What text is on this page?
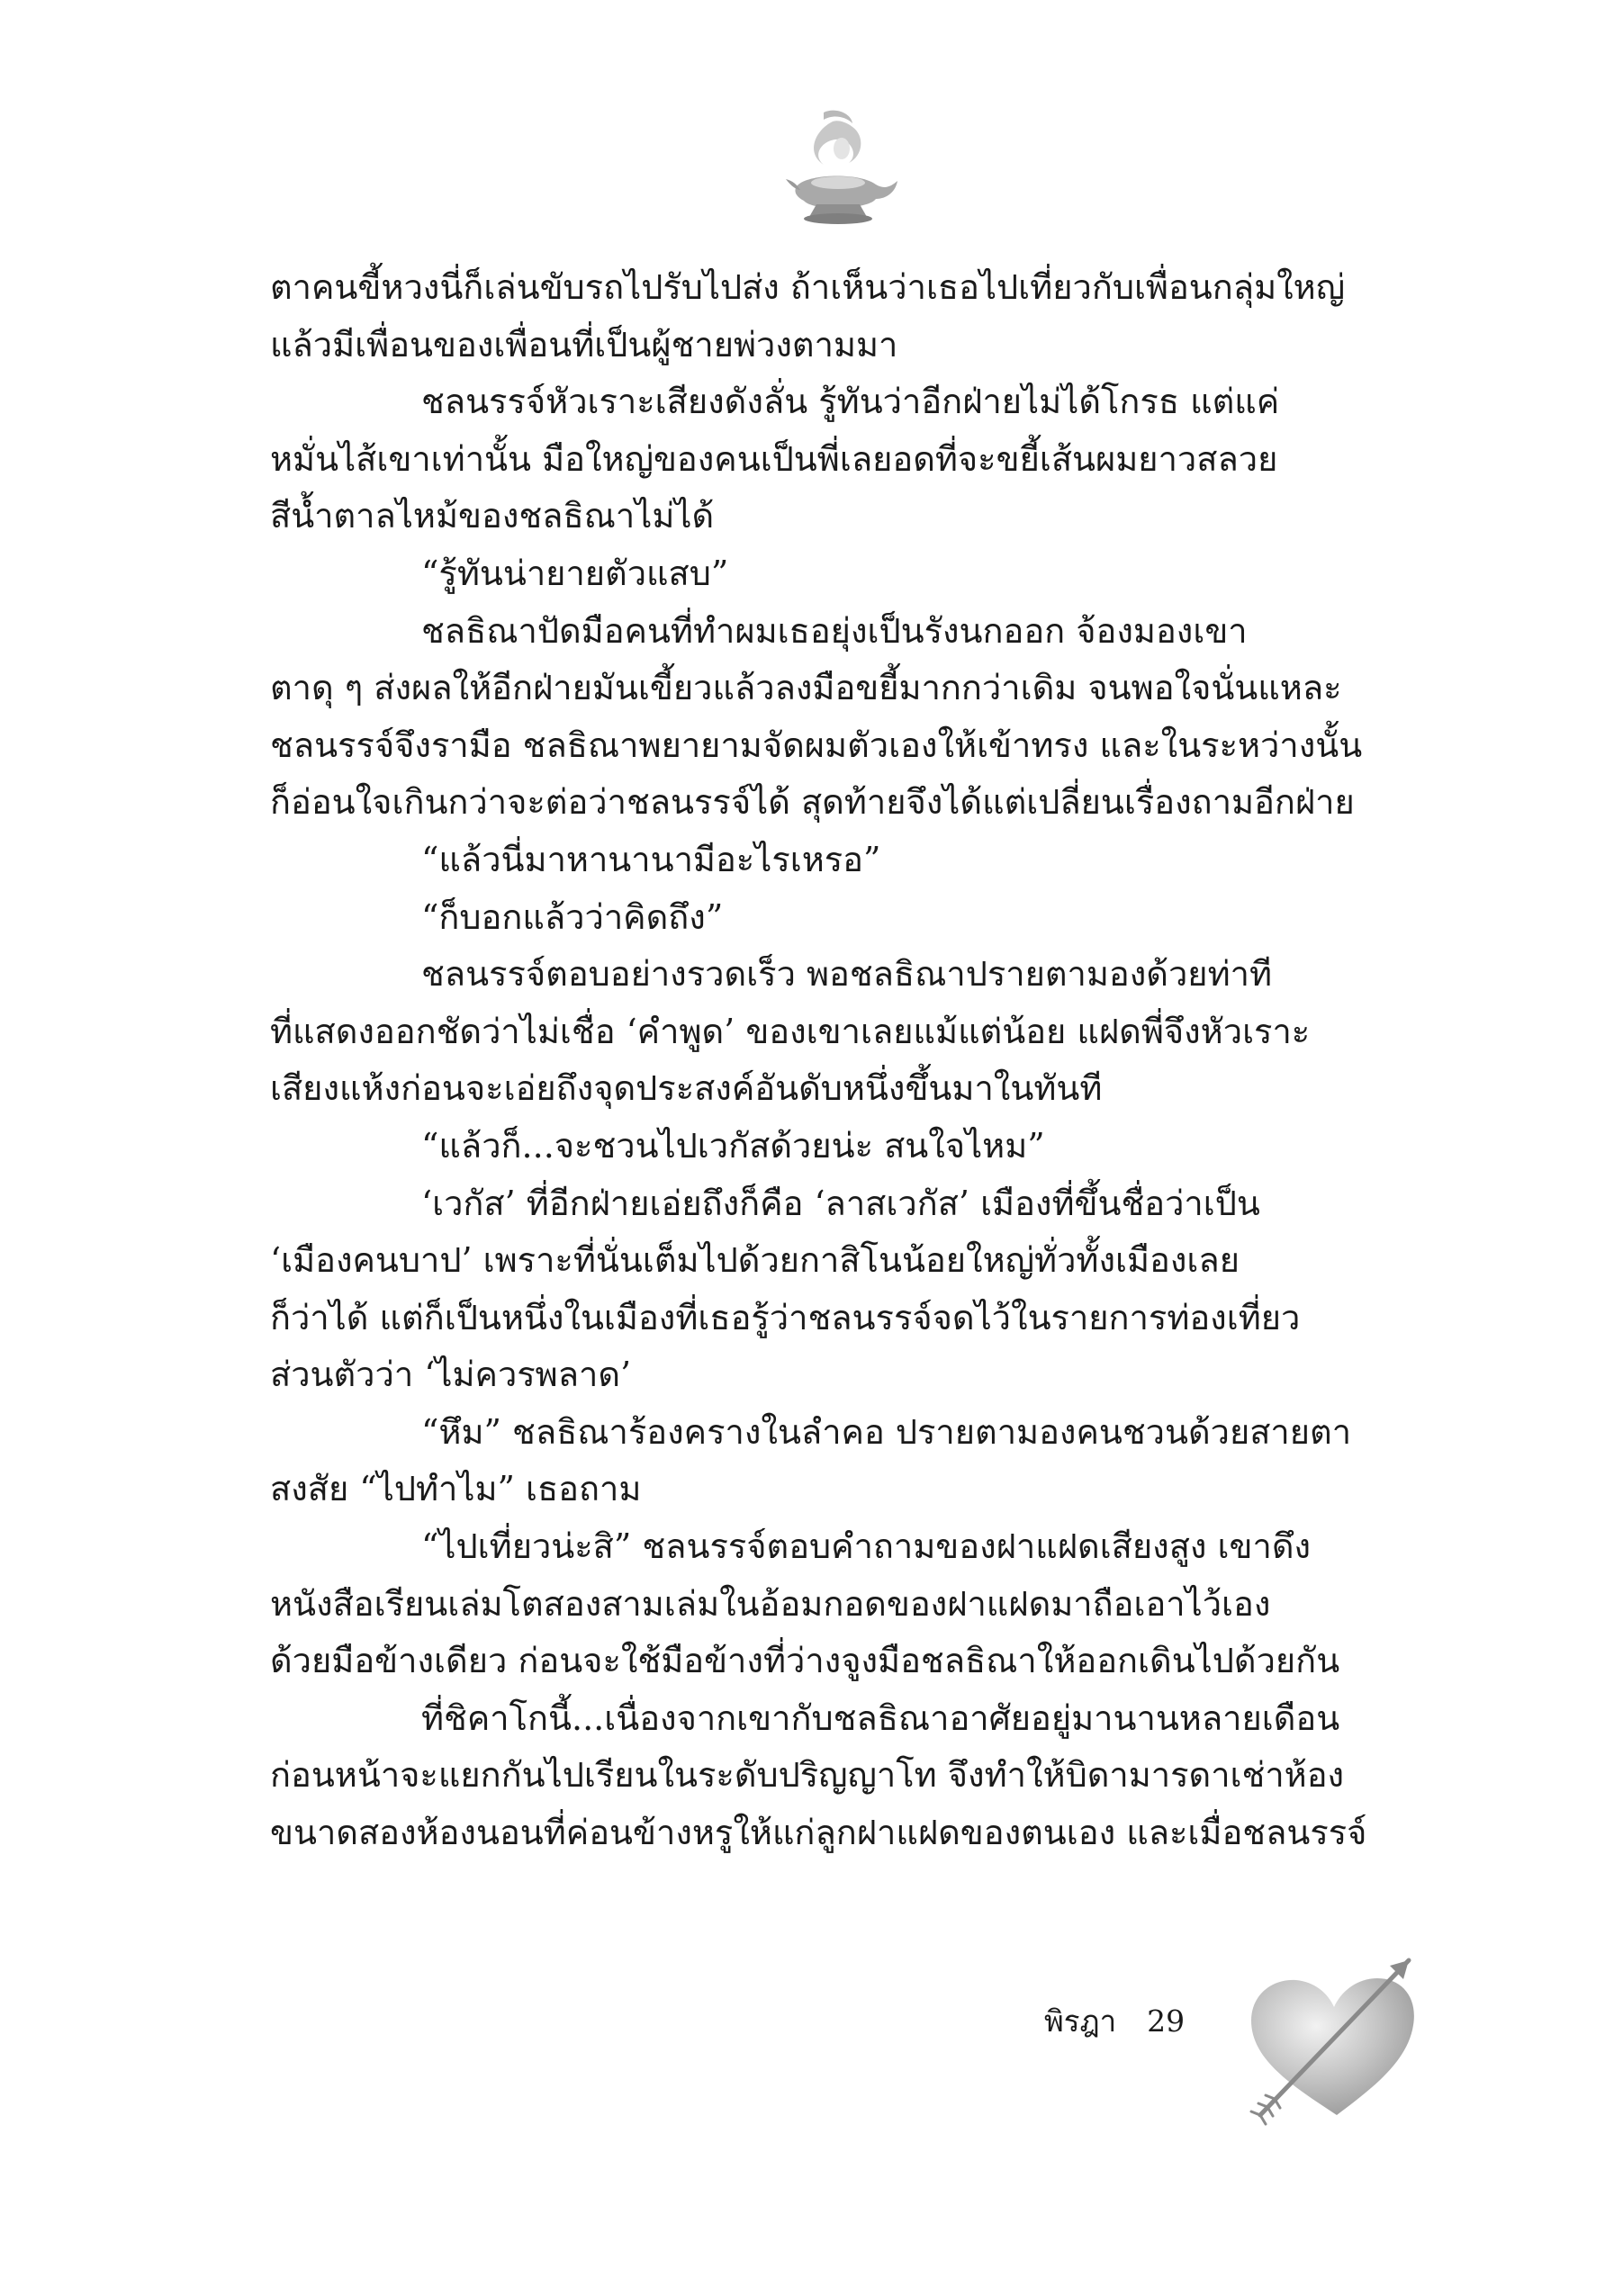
ตาคนขี้หวงนี่ก็เล่นขับรถไปรับไปส่ง ถ้าเห็นว่าเธอไปเที่ยวกับเพื่อนกลุ่มใหญ่
แล้วมีเพื่อนของเพื่อนที่เป็นผู้ชายพ่วงตามมา
ชลนรรจ์หัวเราะเสียงดังลั่น รู้ทันว่าอีกฝ่ายไม่ได้โกรธ แต่แค่
หมั่นไส้เขาเท่านั้น มือใหญ่ของคนเป็นพี่เลยอดที่จะขยี้เส้นผมยาวสลวย
สีน้ำตาลไหม้ของชลธิณาไม่ได้
“รู้ทันน่ายายตัวแสบ”
ชลธิณาปัดมือคนที่ทำผมเธอยุ่งเป็นรังนกออก จ้องมองเขา
ตาดุ ๆ ส่งผลให้อีกฝ่ายมันเขี้ยวแล้วลงมือขยี้มากกว่าเดิม จนพอใจนั่นแหละ
ชลนรรจ์จึงรามือ ชลธิณาพยายามจัดผมตัวเองให้เข้าทรง และในระหว่างนั้น
ก็อ่อนใจเกินกว่าจะต่อว่าชลนรรจ์ได้ สุดท้ายจึงได้แต่เปลี่ยนเรื่องถามอีกฝ่าย
“แล้วนี่มาหานานามีอะไรเหรอ”
“ก็บอกแล้วว่าคิดถึง”
ชลนรรจ์ตอบอย่างรวดเร็ว พอชลธิณาปรายตามองด้วยท่าที
ที่แสดงออกชัดว่าไม่เชื่อ ‘คำพูด’ ของเขาเลยแม้แต่น้อย แฝดพี่จึงหัวเราะ
เสียงแห้งก่อนจะเอ่ยถึงจุดประสงค์อันดับหนึ่งขึ้นมาในทันที
“แล้วก็...จะชวนไปเวกัสด้วยน่ะ สนใจไหม”
‘เวกัส’ ที่อีกฝ่ายเอ่ยถึงก็คือ ‘ลาสเวกัส’ เมืองที่ขึ้นชื่อว่าเป็น
‘เมืองคนบาป’ เพราะที่นั่นเต็มไปด้วยกาสิโนน้อยใหญ่ทั่วทั้งเมืองเลย
ก็ว่าได้ แต่ก็เป็นหนึ่งในเมืองที่เธอรู้ว่าชลนรรจ์จดไว้ในรายการท่องเที่ยว
ส่วนตัวว่า ‘ไม่ควรพลาด’
“หึม” ชลธิณาร้องครางในลำคอ ปรายตามองคนชวนด้วยสายตา
สงสัย “ไปทำไม” เธอถาม
“ไปเที่ยวน่ะสิ” ชลนรรจ์ตอบคำถามของฝาแฝดเสียงสูง เขาดึง
หนังสือเรียนเล่มโตสองสามเล่มในอ้อมกอดของฝาแฝดมาถือเอาไว้เอง
ด้วยมือข้างเดียว ก่อนจะใช้มือข้างที่ว่างจูงมือชลธิณาให้ออกเดินไปด้วยกัน
ที่ชิคาโกนี้...เนื่องจากเขากับชลธิณาอาศัยอยู่มานานหลายเดือน
ก่อนหน้าจะแยกกันไปเรียนในระดับปริญญาโท จึงทำให้บิดามารดาเช่าห้อง
ขนาดสองห้องนอนที่ค่อนข้างหรูให้แก่ลูกฝาแฝดของตนเอง และเมื่อชลนรรจ์
พิรฎา 29
